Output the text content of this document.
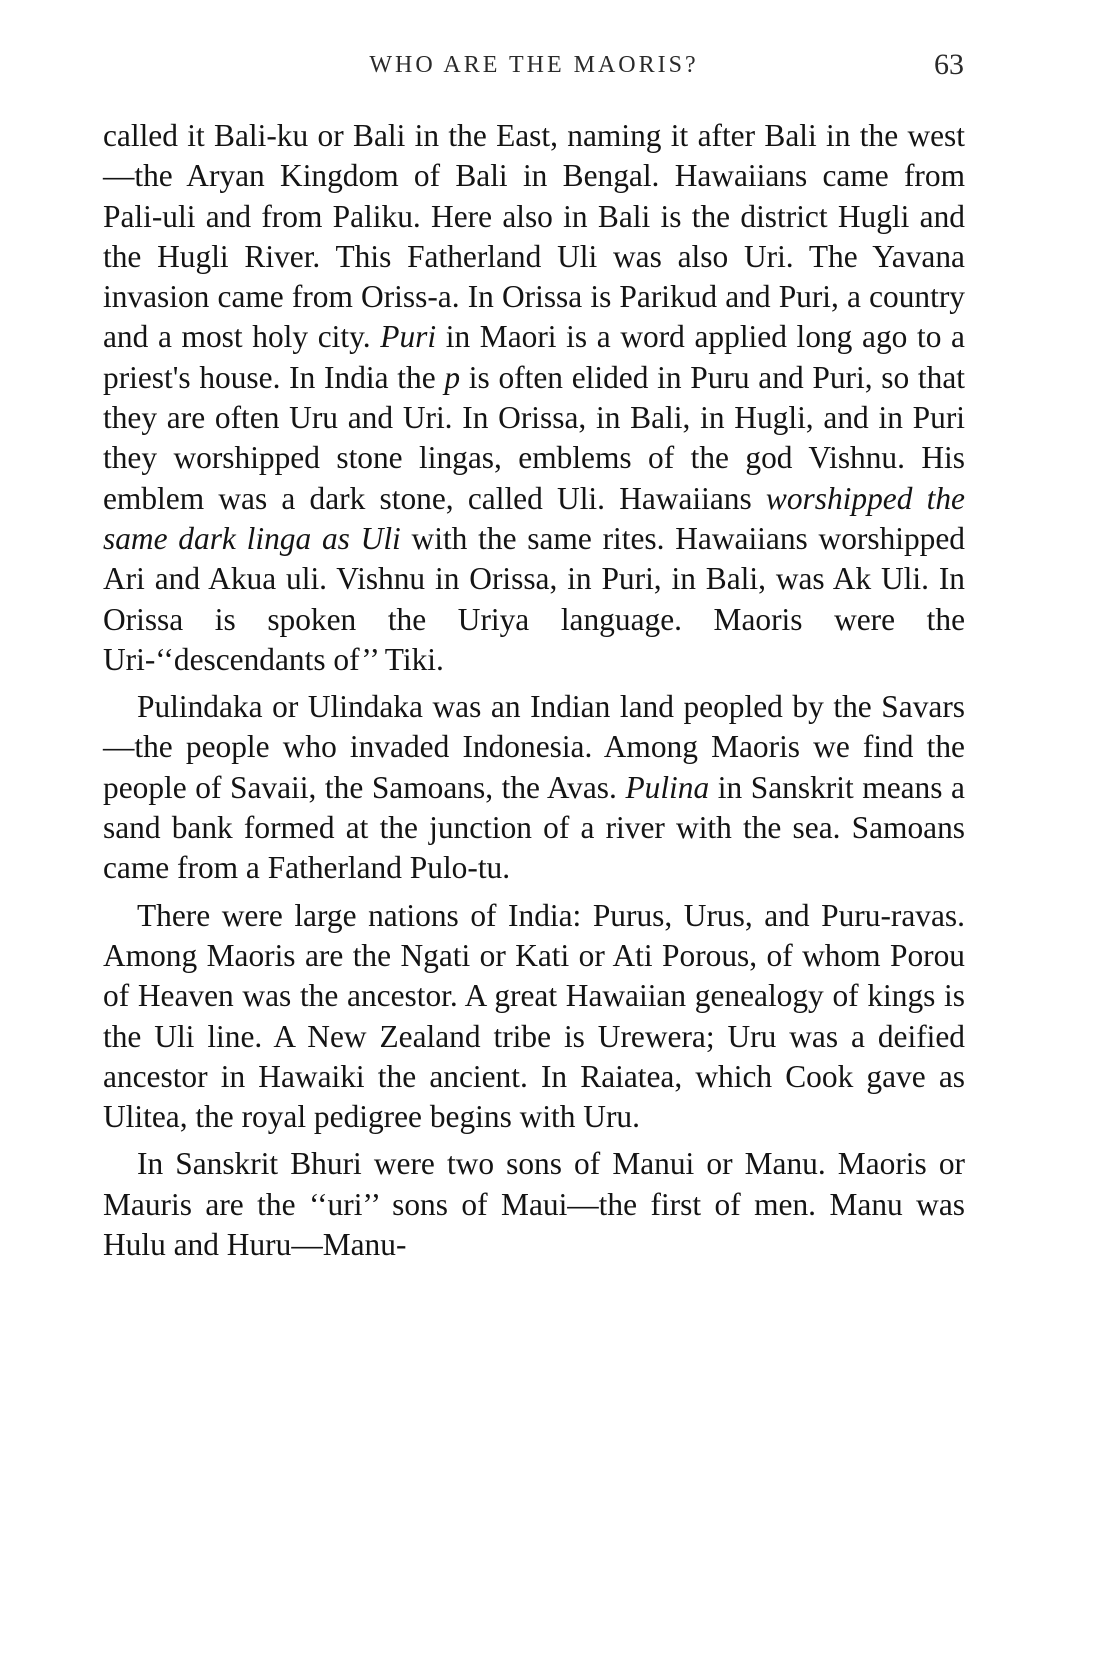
WHO ARE THE MAORIS?	63

called it Bali-ku or Bali in the East, naming it after Bali in the west—the Aryan Kingdom of Bali in Bengal. Hawaiians came from Pali-uli and from Paliku. Here also in Bali is the district Hugli and the Hugli River. This Fatherland Uli was also Uri. The Yavana invasion came from Oriss-a. In Orissa is Parikud and Puri, a country and a most holy city. Puri in Maori is a word applied long ago to a priest's house. In India the p is often elided in Puru and Puri, so that they are often Uru and Uri. In Orissa, in Bali, in Hugli, and in Puri they worshipped stone lingas, emblems of the god Vishnu. His emblem was a dark stone, called Uli. Hawaiians worshipped the same dark linga as Uli with the same rites. Hawaiians worshipped Ari and Akua uli. Vishnu in Orissa, in Puri, in Bali, was Ak Uli. In Orissa is spoken the Uriya language. Maoris were the Uri-‘‘descendants of’’ Tiki.

Pulindaka or Ulindaka was an Indian land peopled by the Savars—the people who invaded Indonesia. Among Maoris we find the people of Savaii, the Samoans, the Avas. Pulina in Sanskrit means a sand bank formed at the junction of a river with the sea. Samoans came from a Fatherland Pulo-tu.

There were large nations of India: Purus, Urus, and Puru-ravas. Among Maoris are the Ngati or Kati or Ati Porous, of whom Porou of Heaven was the ancestor. A great Hawaiian genealogy of kings is the Uli line. A New Zealand tribe is Urewera; Uru was a deified ancestor in Hawaiki the ancient. In Raiatea, which Cook gave as Ulitea, the royal pedigree begins with Uru.

In Sanskrit Bhuri were two sons of Manui or Manu. Maoris or Mauris are the ‘‘uri’’ sons of Maui—the first of men. Manu was Hulu and Huru—Manu-
